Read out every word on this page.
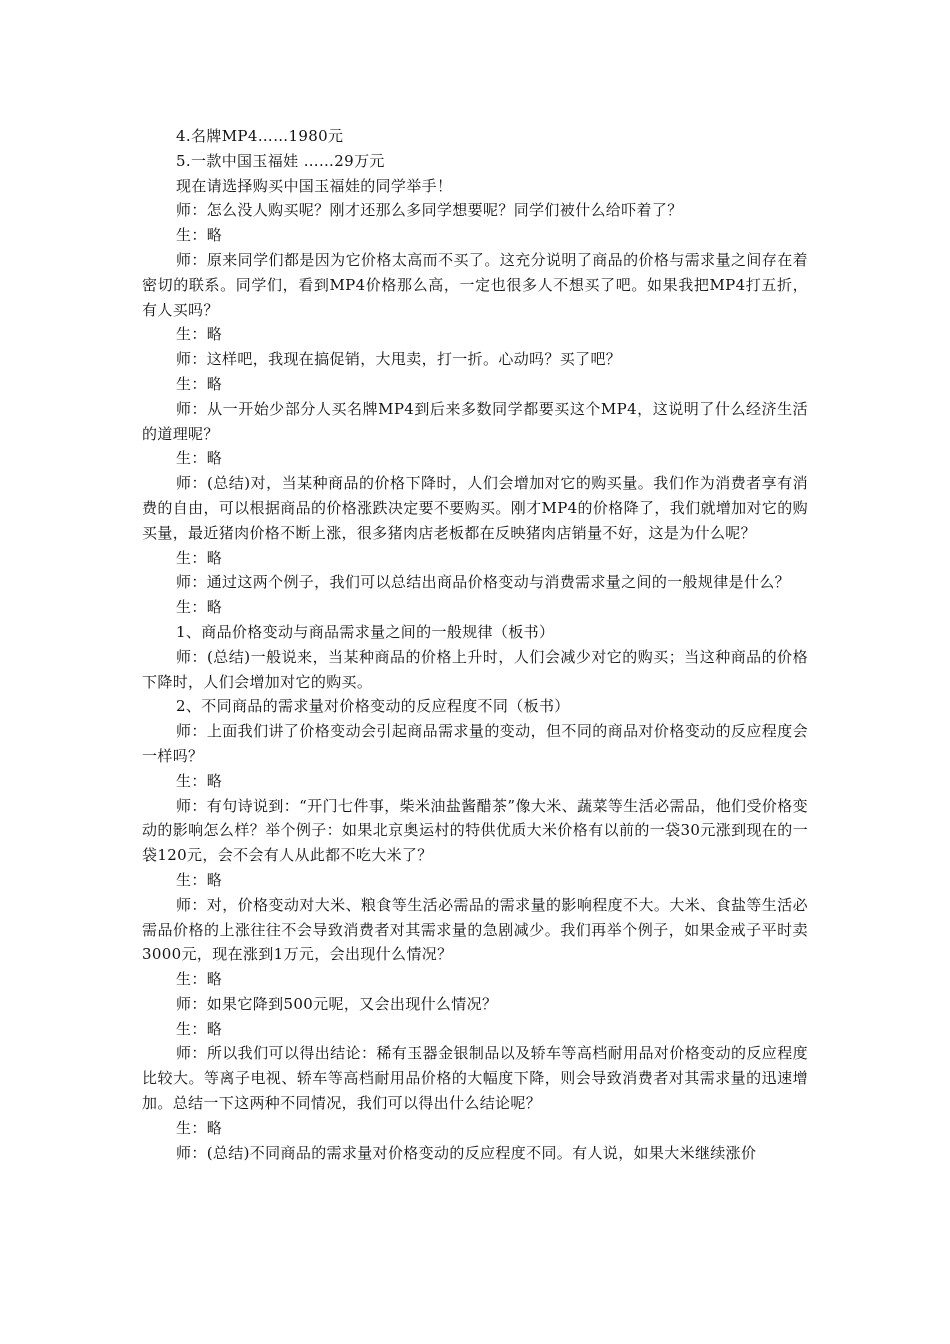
4.名牌MP4……1980元

5.一款中国玉福娃 ……29万元

现在请选择购买中国玉福娃的同学举手！

师：怎么没人购买呢？刚才还那么多同学想要呢？同学们被什么给吓着了？

生：略

师：原来同学们都是因为它价格太高而不买了。这充分说明了商品的价格与需求量之间存在着密切的联系。同学们，看到MP4价格那么高，一定也很多人不想买了吧。如果我把MP4打五折，有人买吗？

生：略

师：这样吧，我现在搞促销，大甩卖，打一折。心动吗？买了吧？

生：略

师：从一开始少部分人买名牌MP4到后来多数同学都要买这个MP4，这说明了什么经济生活的道理呢？

生：略

师：(总结)对，当某种商品的价格下降时，人们会增加对它的购买量。我们作为消费者享有消费的自由，可以根据商品的价格涨跌决定要不要购买。刚才MP4的价格降了，我们就增加对它的购买量，最近猪肉价格不断上涨，很多猪肉店老板都在反映猪肉店销量不好，这是为什么呢？

生：略

师：通过这两个例子，我们可以总结出商品价格变动与消费需求量之间的一般规律是什么？

生：略

1、商品价格变动与商品需求量之间的一般规律（板书）

师：(总结)一般说来，当某种商品的价格上升时，人们会减少对它的购买；当这种商品的价格下降时，人们会增加对它的购买。

2、不同商品的需求量对价格变动的反应程度不同（板书）

师：上面我们讲了价格变动会引起商品需求量的变动，但不同的商品对价格变动的反应程度会一样吗？

生：略

师：有句诗说到：“开门七件事，柴米油盐酱醋茶”像大米、蔬菜等生活必需品，他们受价格变动的影响怎么样？举个例子：如果北京奥运村的特供优质大米价格有以前的一袋30元涨到现在的一袋120元，会不会有人从此都不吃大米了？

生：略

师：对，价格变动对大米、粮食等生活必需品的需求量的影响程度不大。大米、食盐等生活必需品价格的上涨往往不会导致消费者对其需求量的急剧减少。我们再举个例子，如果金戒子平时卖3000元，现在涨到1万元，会出现什么情况？

生：略

师：如果它降到500元呢，又会出现什么情况？

生：略

师：所以我们可以得出结论：稀有玉器金银制品以及轿车等高档耐用品对价格变动的反应程度比较大。等离子电视、轿车等高档耐用品价格的大幅度下降，则会导致消费者对其需求量的迅速增加。总结一下这两种不同情况，我们可以得出什么结论呢？

生：略

师：(总结)不同商品的需求量对价格变动的反应程度不同。有人说，如果大米继续涨价
